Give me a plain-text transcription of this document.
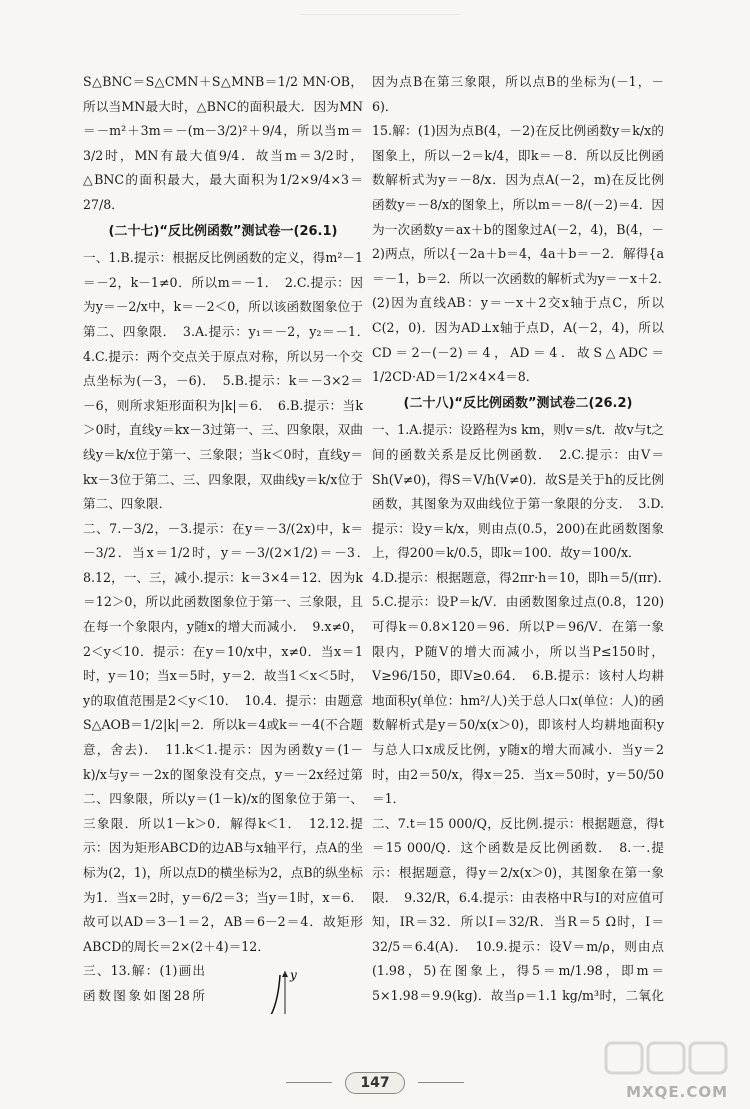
S△BNC＝S△CMN＋S△MNB＝1/2 MN·OB，所以当MN最大时，△BNC的面积最大．因为MN＝－m²＋3m＝－(m－3/2)²＋9/4，所以当m＝3/2时，MN有最大值9/4．故当m＝3/2时，△BNC的面积最大，最大面积为1/2×9/4×3＝27/8．

(二十七)“反比例函数”测试卷一(26.1)

一、1.B.提示：根据反比例函数的定义，得m²－1＝－2，k－1≠0．所以m＝－1．　2.C.提示：因为y＝－2/x中，k＝－2＜0，所以该函数图象位于第二、四象限．　3.A.提示：y₁＝－2，y₂＝－1．　4.C.提示：两个交点关于原点对称，所以另一个交点坐标为(－3，－6)．　5.B.提示：k＝－3×2＝－6，则所求矩形面积为|k|＝6．　6.B.提示：当k＞0时，直线y＝kx－3过第一、三、四象限，双曲线y＝k/x位于第一、三象限；当k＜0时，直线y＝kx－3位于第二、三、四象限，双曲线y＝k/x位于第二、四象限．

二、7.－3/2，－3.提示：在y＝－3/(2x)中，k＝－3/2．当x＝1/2时，y＝－3/(2×1/2)＝－3．　8.12，一、三，减小.提示：k＝3×4＝12．因为k＝12＞0，所以此函数图象位于第一、三象限，且在每一个象限内，y随x的增大而减小．　9.x≠0，2＜y＜10．提示：在y＝10/x中，x≠0．当x＝1时，y＝10；当x＝5时，y＝2．故当1＜x＜5时，y的取值范围是2＜y＜10．　10.4．提示：由题意S△AOB＝1/2|k|＝2．所以k＝4或k＝－4(不合题意，舍去)．　11.k＜1.提示：因为函数y＝(1－k)/x与y＝－2x的图象没有交点，y＝－2x经过第二、四象限，所以y＝(1－k)/x的图象位于第一、三象限．所以1－k＞0．解得k＜1．　12.12.提示：因为矩形ABCD的边AB与x轴平行，点A的坐标为(2，1)，所以点D的横坐标为2，点B的纵坐标为1．当x＝2时，y＝6/2＝3；当y＝1时，x＝6．故可以AD＝3－1＝2，AB＝6－2＝4．故矩形ABCD的周长＝2×(2＋4)＝12．

y

三、13.解：(1)画出函数图象如图28所

因为点B在第三象限，所以点B的坐标为(－1，－6)．

15.解：(1)因为点B(4，－2)在反比例函数y＝k/x的图象上，所以－2＝k/4，即k＝－8．所以反比例函数解析式为y＝－8/x．因为点A(－2，m)在反比例函数y＝－8/x的图象上，所以m＝－8/(－2)＝4．因为一次函数y＝ax＋b的图象过A(－2，4)，B(4，－2)两点，所以{－2a＋b＝4，4a＋b＝－2．解得{a＝－1，b＝2．所以一次函数的解析式为y＝－x＋2．　(2)因为直线AB：y＝－x＋2交x轴于点C，所以C(2，0)．因为AD⊥x轴于点D，A(－2，4)，所以CD＝2－(－2)＝4，AD＝4．故S△ADC＝1/2CD·AD＝1/2×4×4＝8．

(二十八)“反比例函数”测试卷二(26.2)

一、1.A.提示：设路程为s km，则v＝s/t．故v与t之间的函数关系是反比例函数．　2.C.提示：由V＝Sh(V≠0)，得S＝V/h(V≠0)．故S是关于h的反比例函数，其图象为双曲线位于第一象限的分支．　3.D.提示：设y＝k/x，则由点(0.5，200)在此函数图象上，得200＝k/0.5，即k＝100．故y＝100/x．

4.D.提示：根据题意，得2πr·h＝10，即h＝5/(πr)．　5.C.提示：设P＝k/V．由函数图象过点(0.8，120)可得k＝0.8×120＝96．所以P＝96/V．在第一象限内，P随V的增大而减小，所以当P≤150时，V≥96/150，即V≥0.64．　6.B.提示：该村人均耕地面积y(单位：hm²/人)关于总人口x(单位：人)的函数解析式是y＝50/x(x＞0)，即该村人均耕地面积y与总人口x成反比例，y随x的增大而减小．当y＝2时，由2＝50/x，得x＝25．当x＝50时，y＝50/50＝1．

二、7.t＝15 000/Q，反比例.提示：根据题意，得t＝15 000/Q．这个函数是反比例函数．　8.一.提示：根据题意，得y＝2/x(x＞0)，其图象在第一象限．　9.32/R，6.4.提示：由表格中R与I的对应值可知，IR＝32．所以I＝32/R．当R＝5 Ω时，I＝32/5＝6.4(A)．　10.9.提示：设V＝m/ρ，则由点(1.98，5)在图象上，得5＝m/1.98，即m＝5×1.98＝9.9(kg)．故当ρ＝1.1 kg/m³时，二氧化

147	MXQE.COM
